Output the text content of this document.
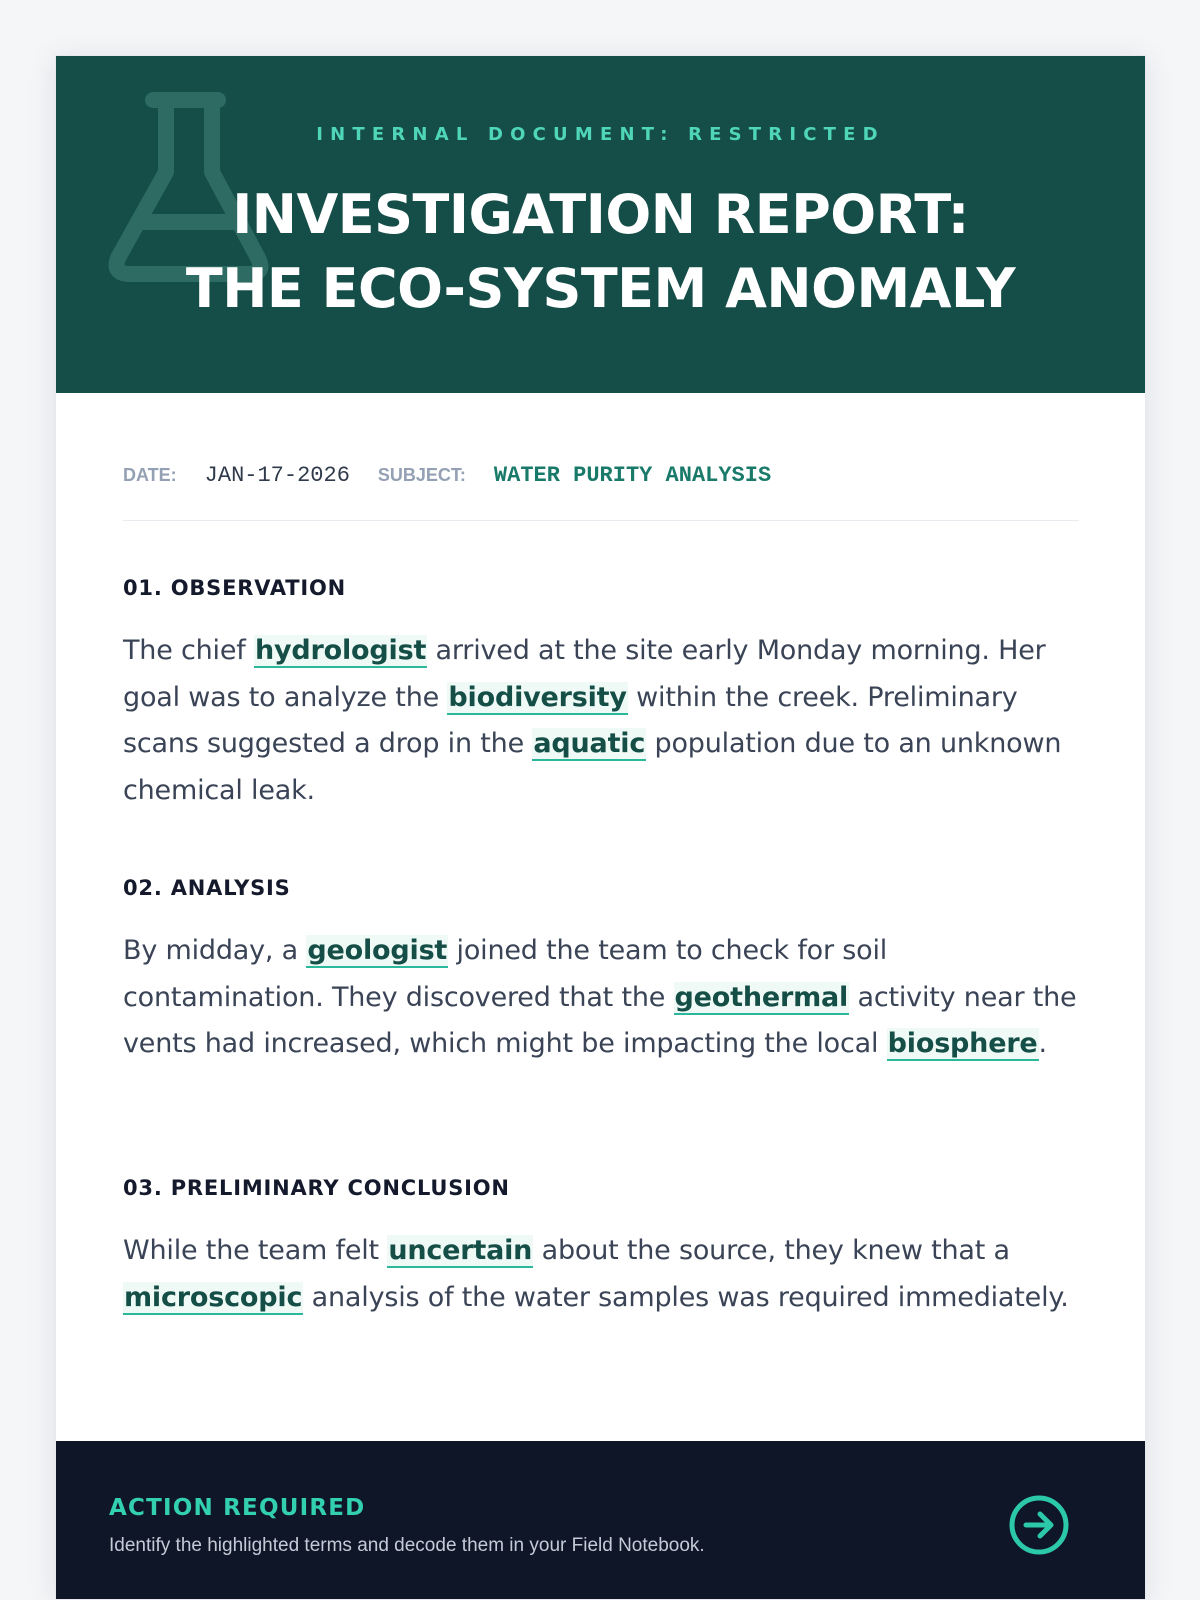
INTERNAL DOCUMENT: RESTRICTED
INVESTIGATION REPORT:
THE ECO-SYSTEM ANOMALY
DATE: JAN-17-2026 SUBJECT: WATER PURITY ANALYSIS
01. OBSERVATION

The chief hydrologist arrived at the site early Monday morning. Her goal was to analyze the biodiversity within the creek. Preliminary scans suggested a drop in the aquatic population due to an unknown chemical leak.

02. ANALYSIS

By midday, a geologist joined the team to check for soil contamination. They discovered that the geothermal activity near the vents had increased, which might be impacting the local biosphere.

03. PRELIMINARY CONCLUSION

While the team felt uncertain about the source, they knew that a microscopic analysis of the water samples was required immediately.

ACTION REQUIRED
Identify the highlighted terms and decode them in your Field Notebook.
